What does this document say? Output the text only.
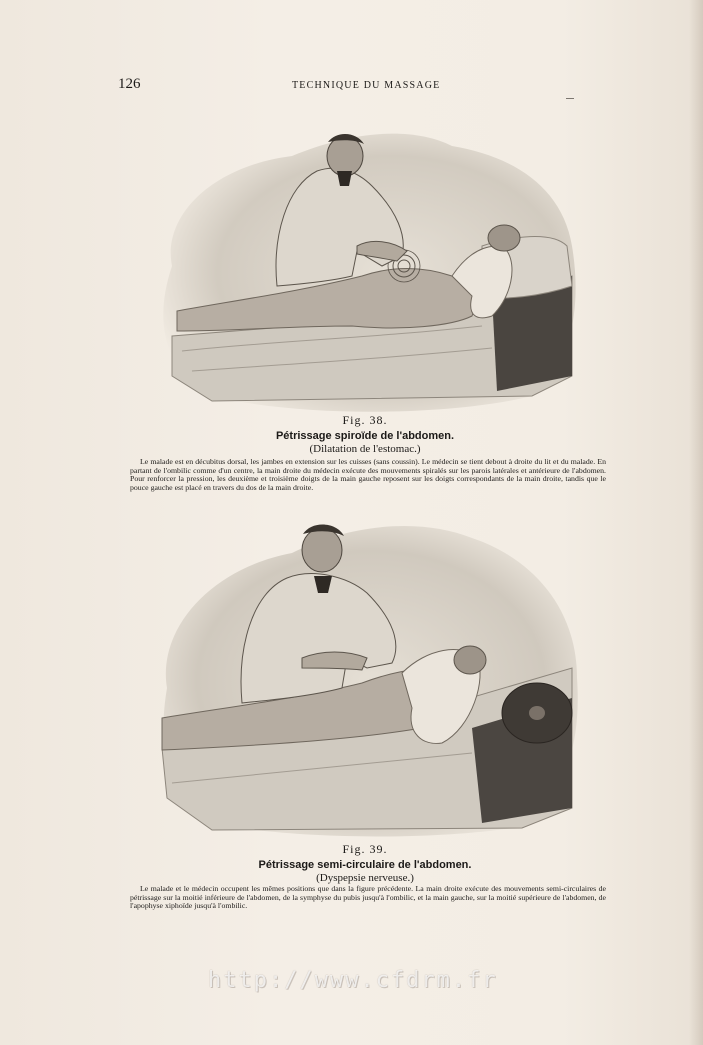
126	TECHNIQUE DU MASSAGE
Fig. 38.
Pétrissage spiroïde de l'abdomen.
(Dilatation de l'estomac.)

Le malade est en décubitus dorsal, les jambes en extension sur les cuisses (sans coussin). Le médecin se tient debout à droite du lit et du malade. En partant de l'ombilic comme d'un centre, la main droite du médecin exécute des mouvements spiralés sur les parois latérales et antérieure de l'abdomen. Pour renforcer la pression, les deuxième et troisième doigts de la main gauche reposent sur les doigts correspondants de la main droite, tandis que le pouce gauche est placé en travers du dos de la main droite.

Fig. 39.
Pétrissage semi-circulaire de l'abdomen.
(Dyspepsie nerveuse.)

Le malade et le médecin occupent les mêmes positions que dans la figure précédente. La main droite exécute des mouvements semi-circulaires de pétrissage sur la moitié inférieure de l'abdomen, de la symphyse du pubis jusqu'à l'ombilic, et la main gauche, sur la moitié supérieure de l'abdomen, de l'apophyse xiphoïde jusqu'à l'ombilic.

http://www.cfdrm.fr
